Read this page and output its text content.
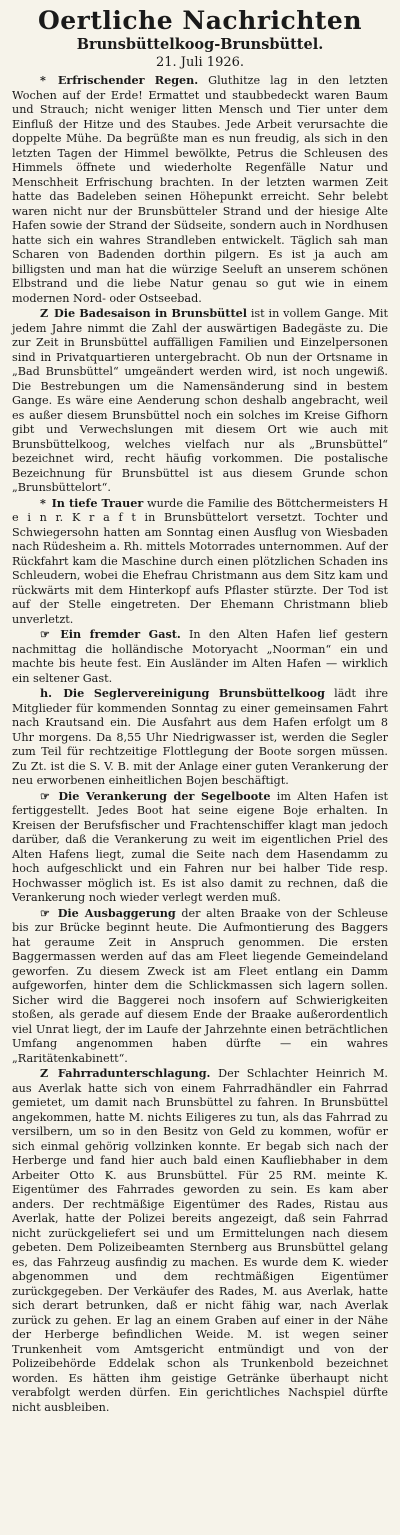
Oertliche Nachrichten
Brunsbüttelkoog-Brunsbüttel.
21. Juli 1926.

* Erfrischender Regen. Gluthitze lag in den letzten Wochen auf der Erde! Ermattet und staubbedeckt waren Baum und Strauch; nicht weniger litten Mensch und Tier unter dem Einfluß der Hitze und des Staubes. Jede Arbeit verursachte die doppelte Mühe. Da begrüßte man es nun freudig, als sich in den letzten Tagen der Himmel bewölkte, Petrus die Schleusen des Himmels öffnete und wiederholte Regenfälle Natur und Menschheit Erfrischung brachten. In der letzten warmen Zeit hatte das Badeleben seinen Höhepunkt erreicht. Sehr belebt waren nicht nur der Brunsbütteler Strand und der hiesige Alte Hafen sowie der Strand der Südseite, sondern auch in Nordhusen hatte sich ein wahres Strandleben entwickelt. Täglich sah man Scharen von Badenden dorthin pilgern. Es ist ja auch am billigsten und man hat die würzige Seeluft an unserem schönen Elbstrand und die liebe Natur genau so gut wie in einem modernen Nord- oder Ostseebad.

Z Die Badesaison in Brunsbüttel ist in vollem Gange. Mit jedem Jahre nimmt die Zahl der auswärtigen Badegäste zu. Die zur Zeit in Brunsbüttel auffälligen Familien und Einzelpersonen sind in Privatquartieren untergebracht. Ob nun der Ortsname in „Bad Brunsbüttel“ umgeändert werden wird, ist noch ungewiß. Die Bestrebungen um die Namensänderung sind in bestem Gange. Es wäre eine Aenderung schon deshalb angebracht, weil es außer diesem Brunsbüttel noch ein solches im Kreise Gifhorn gibt und Verwechslungen mit diesem Ort wie auch mit Brunsbüttelkoog, welches vielfach nur als „Brunsbüttel“ bezeichnet wird, recht häufig vorkommen. Die postalische Bezeichnung für Brunsbüttel ist aus diesem Grunde schon „Brunsbüttelort“.

* In tiefe Trauer wurde die Familie des Böttchermeisters H e i n r. K r a f t in Brunsbüttelort versetzt. Tochter und Schwiegersohn hatten am Sonntag einen Ausflug von Wiesbaden nach Rüdesheim a. Rh. mittels Motorrades unternommen. Auf der Rückfahrt kam die Maschine durch einen plötzlichen Schaden ins Schleudern, wobei die Ehefrau Christmann aus dem Sitz kam und rückwärts mit dem Hinterkopf aufs Pflaster stürzte. Der Tod ist auf der Stelle eingetreten. Der Ehemann Christmann blieb unverletzt.

☞ Ein fremder Gast. In den Alten Hafen lief gestern nachmittag die holländische Motoryacht „Noorman“ ein und machte bis heute fest. Ein Ausländer im Alten Hafen — wirklich ein seltener Gast.

h. Die Seglervereinigung Brunsbüttelkoog lädt ihre Mitglieder für kommenden Sonntag zu einer gemeinsamen Fahrt nach Krautsand ein. Die Ausfahrt aus dem Hafen erfolgt um 8 Uhr morgens. Da 8,55 Uhr Niedrigwasser ist, werden die Segler zum Teil für rechtzeitige Flottlegung der Boote sorgen müssen. Zu Zt. ist die S. V. B. mit der Anlage einer guten Verankerung der neu erworbenen einheitlichen Bojen beschäftigt.

☞ Die Verankerung der Segelboote im Alten Hafen ist fertiggestellt. Jedes Boot hat seine eigene Boje erhalten. In Kreisen der Berufsfischer und Frachtenschiffer klagt man jedoch darüber, daß die Verankerung zu weit im eigentlichen Priel des Alten Hafens liegt, zumal die Seite nach dem Hasendamm zu hoch aufgeschlickt und ein Fahren nur bei halber Tide resp. Hochwasser möglich ist. Es ist also damit zu rechnen, daß die Verankerung noch wieder verlegt werden muß.

☞ Die Ausbaggerung der alten Braake von der Schleuse bis zur Brücke beginnt heute. Die Aufmontierung des Baggers hat geraume Zeit in Anspruch genommen. Die ersten Baggermassen werden auf das am Fleet liegende Gemeindeland geworfen. Zu diesem Zweck ist am Fleet entlang ein Damm aufgeworfen, hinter dem die Schlickmassen sich lagern sollen. Sicher wird die Baggerei noch insofern auf Schwierigkeiten stoßen, als gerade auf diesem Ende der Braake außerordentlich viel Unrat liegt, der im Laufe der Jahrzehnte einen beträchtlichen Umfang angenommen haben dürfte — ein wahres „Raritätenkabinett“.

Z Fahrradunterschlagung. Der Schlachter Heinrich M. aus Averlak hatte sich von einem Fahrradhändler ein Fahrrad gemietet, um damit nach Brunsbüttel zu fahren. In Brunsbüttel angekommen, hatte M. nichts Eiligeres zu tun, als das Fahrrad zu versilbern, um so in den Besitz von Geld zu kommen, wofür er sich einmal gehörig vollzinken konnte. Er begab sich nach der Herberge und fand hier auch bald einen Kaufliebhaber in dem Arbeiter Otto K. aus Brunsbüttel. Für 25 RM. meinte K. Eigentümer des Fahrrades geworden zu sein. Es kam aber anders. Der rechtmäßige Eigentümer des Rades, Ristau aus Averlak, hatte der Polizei bereits angezeigt, daß sein Fahrrad nicht zurückgeliefert sei und um Ermittelungen nach diesem gebeten. Dem Polizeibeamten Sternberg aus Brunsbüttel gelang es, das Fahrzeug ausfindig zu machen. Es wurde dem K. wieder abgenommen und dem rechtmäßigen Eigentümer zurückgegeben. Der Verkäufer des Rades, M. aus Averlak, hatte sich derart betrunken, daß er nicht fähig war, nach Averlak zurück zu gehen. Er lag an einem Graben auf einer in der Nähe der Herberge befindlichen Weide. M. ist wegen seiner Trunkenheit vom Amtsgericht entmündigt und von der Polizeibehörde Eddelak schon als Trunkenbold bezeichnet worden. Es hätten ihm geistige Getränke überhaupt nicht verabfolgt werden dürfen. Ein gerichtliches Nachspiel dürfte nicht ausbleiben.
